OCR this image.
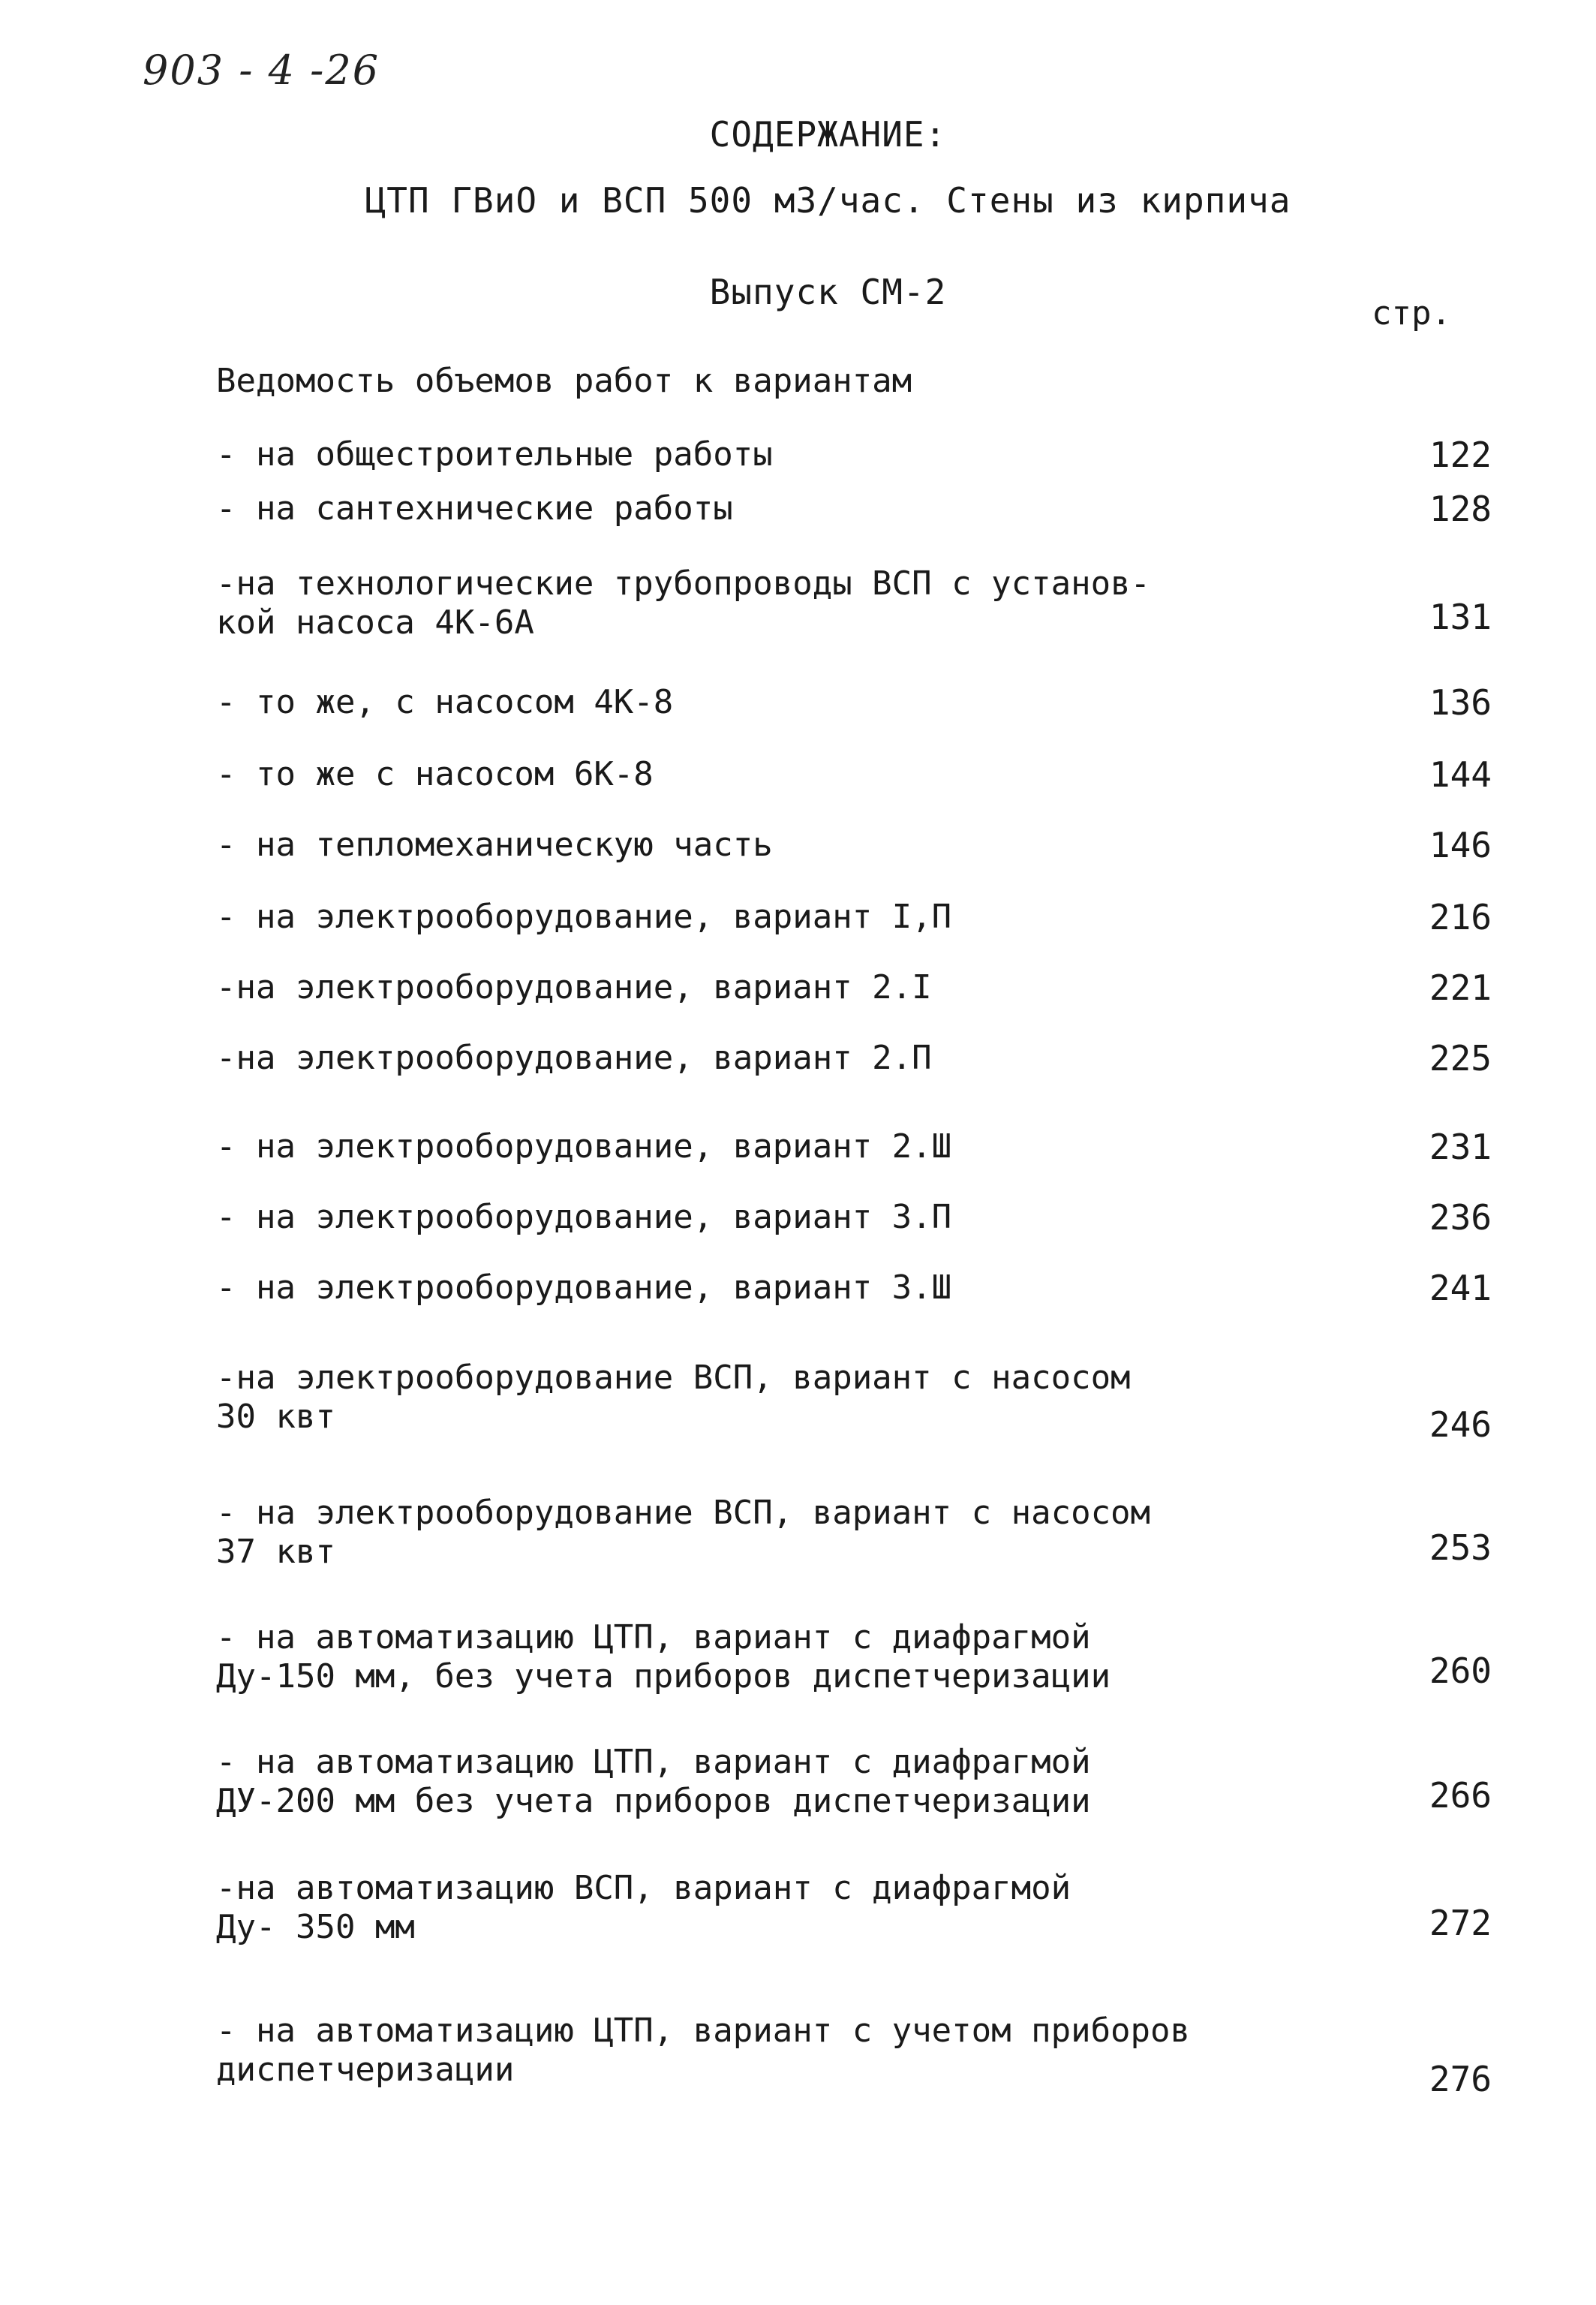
903 - 4 -26
СОДЕРЖАНИЕ:
ЦТП ГВиО и ВСП 500 м3/час. Стены из кирпича
Выпуск СМ-2
стр.
Ведомость объемов работ к вариантам
- на общестроительные работы	122
- на сантехнические работы	128
-на технологические трубопроводы ВСП с установ-
кой насоса 4К-6А	131
- то же, с насосом 4К-8	136
- то же с насосом 6К-8	144
- на тепломеханическую часть	146
- на электрооборудование, вариант I,П	216
-на электрооборудование, вариант 2.I	221
-на электрооборудование, вариант 2.П	225
- на электрооборудование, вариант 2.Ш	231
- на электрооборудование, вариант 3.П	236
- на электрооборудование, вариант 3.Ш	241
-на электрооборудование ВСП, вариант с насосом
30 квт	246
- на электрооборудование ВСП, вариант с насосом
37 квт	253
- на автоматизацию ЦТП, вариант с диафрагмой
Ду-150 мм, без учета приборов диспетчеризации	260
- на автоматизацию ЦТП, вариант с диафрагмой
ДУ-200 мм без учета приборов диспетчеризации	266
-на автоматизацию ВСП, вариант с диафрагмой
Ду- 350 мм	272
- на автоматизацию ЦТП, вариант с учетом приборов
диспетчеризации	276
